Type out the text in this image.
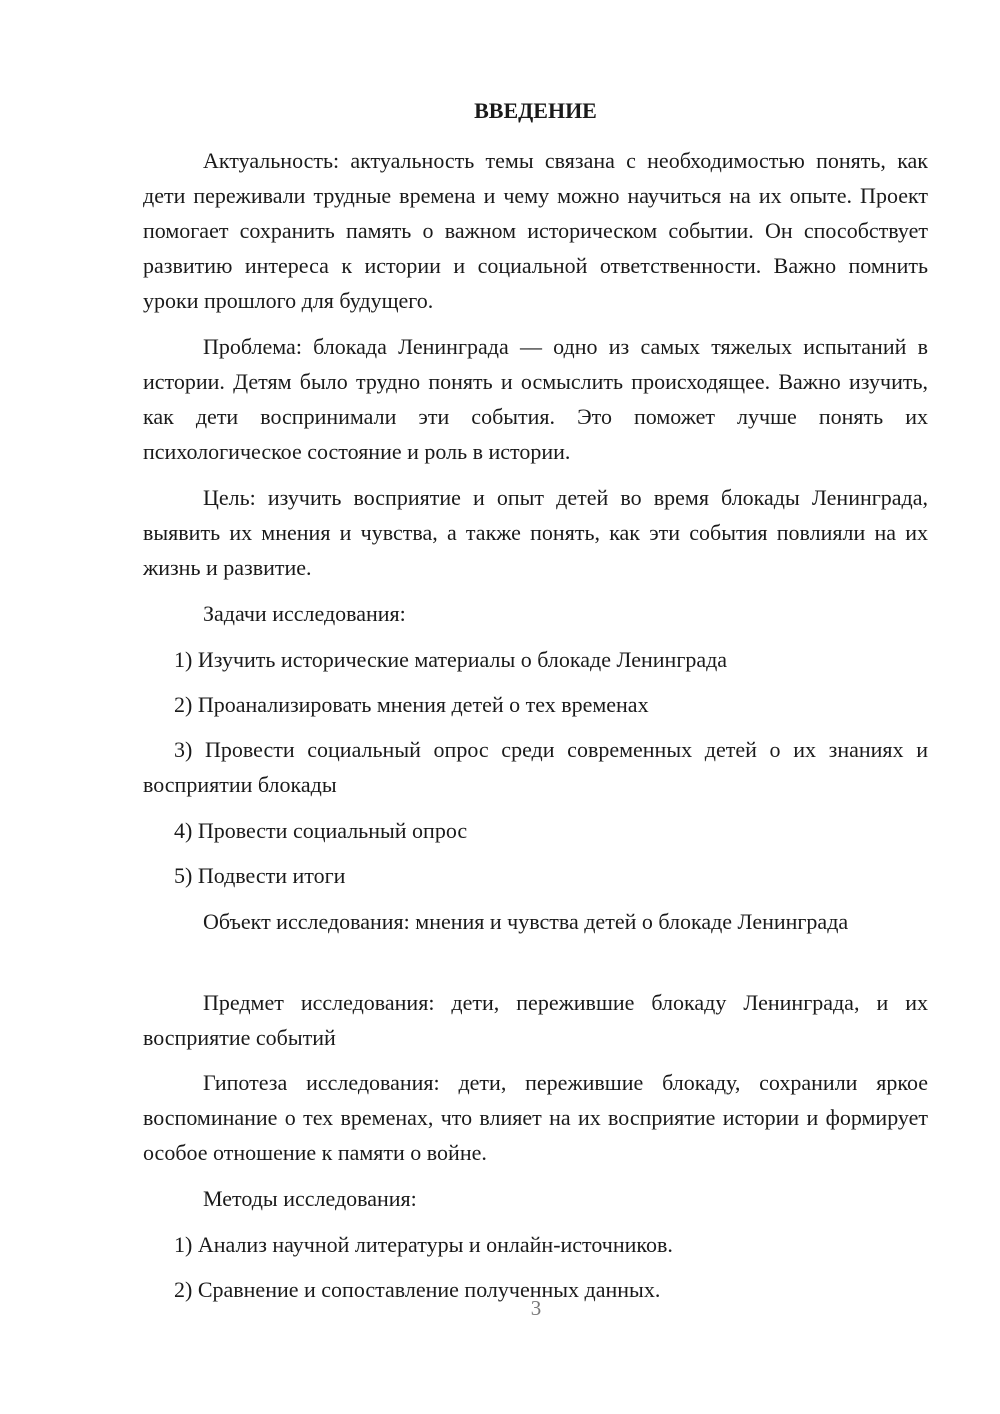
ВВЕДЕНИЕ

Актуальность: актуальность темы связана с необходимостью понять, как дети переживали трудные времена и чему можно научиться на их опыте. Проект помогает сохранить память о важном историческом событии. Он способствует развитию интереса к истории и социальной ответственности. Важно помнить уроки прошлого для будущего.

Проблема: блокада Ленинграда — одно из самых тяжелых испытаний в истории. Детям было трудно понять и осмыслить происходящее. Важно изучить, как дети воспринимали эти события. Это поможет лучше понять их психологическое состояние и роль в истории.

Цель: изучить восприятие и опыт детей во время блокады Ленинграда, выявить их мнения и чувства, а также понять, как эти события повлияли на их жизнь и развитие.

Задачи исследования:

1) Изучить исторические материалы о блокаде Ленинграда

2) Проанализировать мнения детей о тех временах

3) Провести социальный опрос среди современных детей о их знаниях и восприятии блокады

4) Провести социальный опрос

5) Подвести итоги

Объект исследования: мнения и чувства детей о блокаде Ленинграда

Предмет исследования: дети, пережившие блокаду Ленинграда, и их восприятие событий

Гипотеза исследования: дети, пережившие блокаду, сохранили яркое воспоминание о тех временах, что влияет на их восприятие истории и формирует особое отношение к памяти о войне.

Методы исследования:

1) Анализ научной литературы и онлайн-источников.

2) Сравнение и сопоставление полученных данных.

3
